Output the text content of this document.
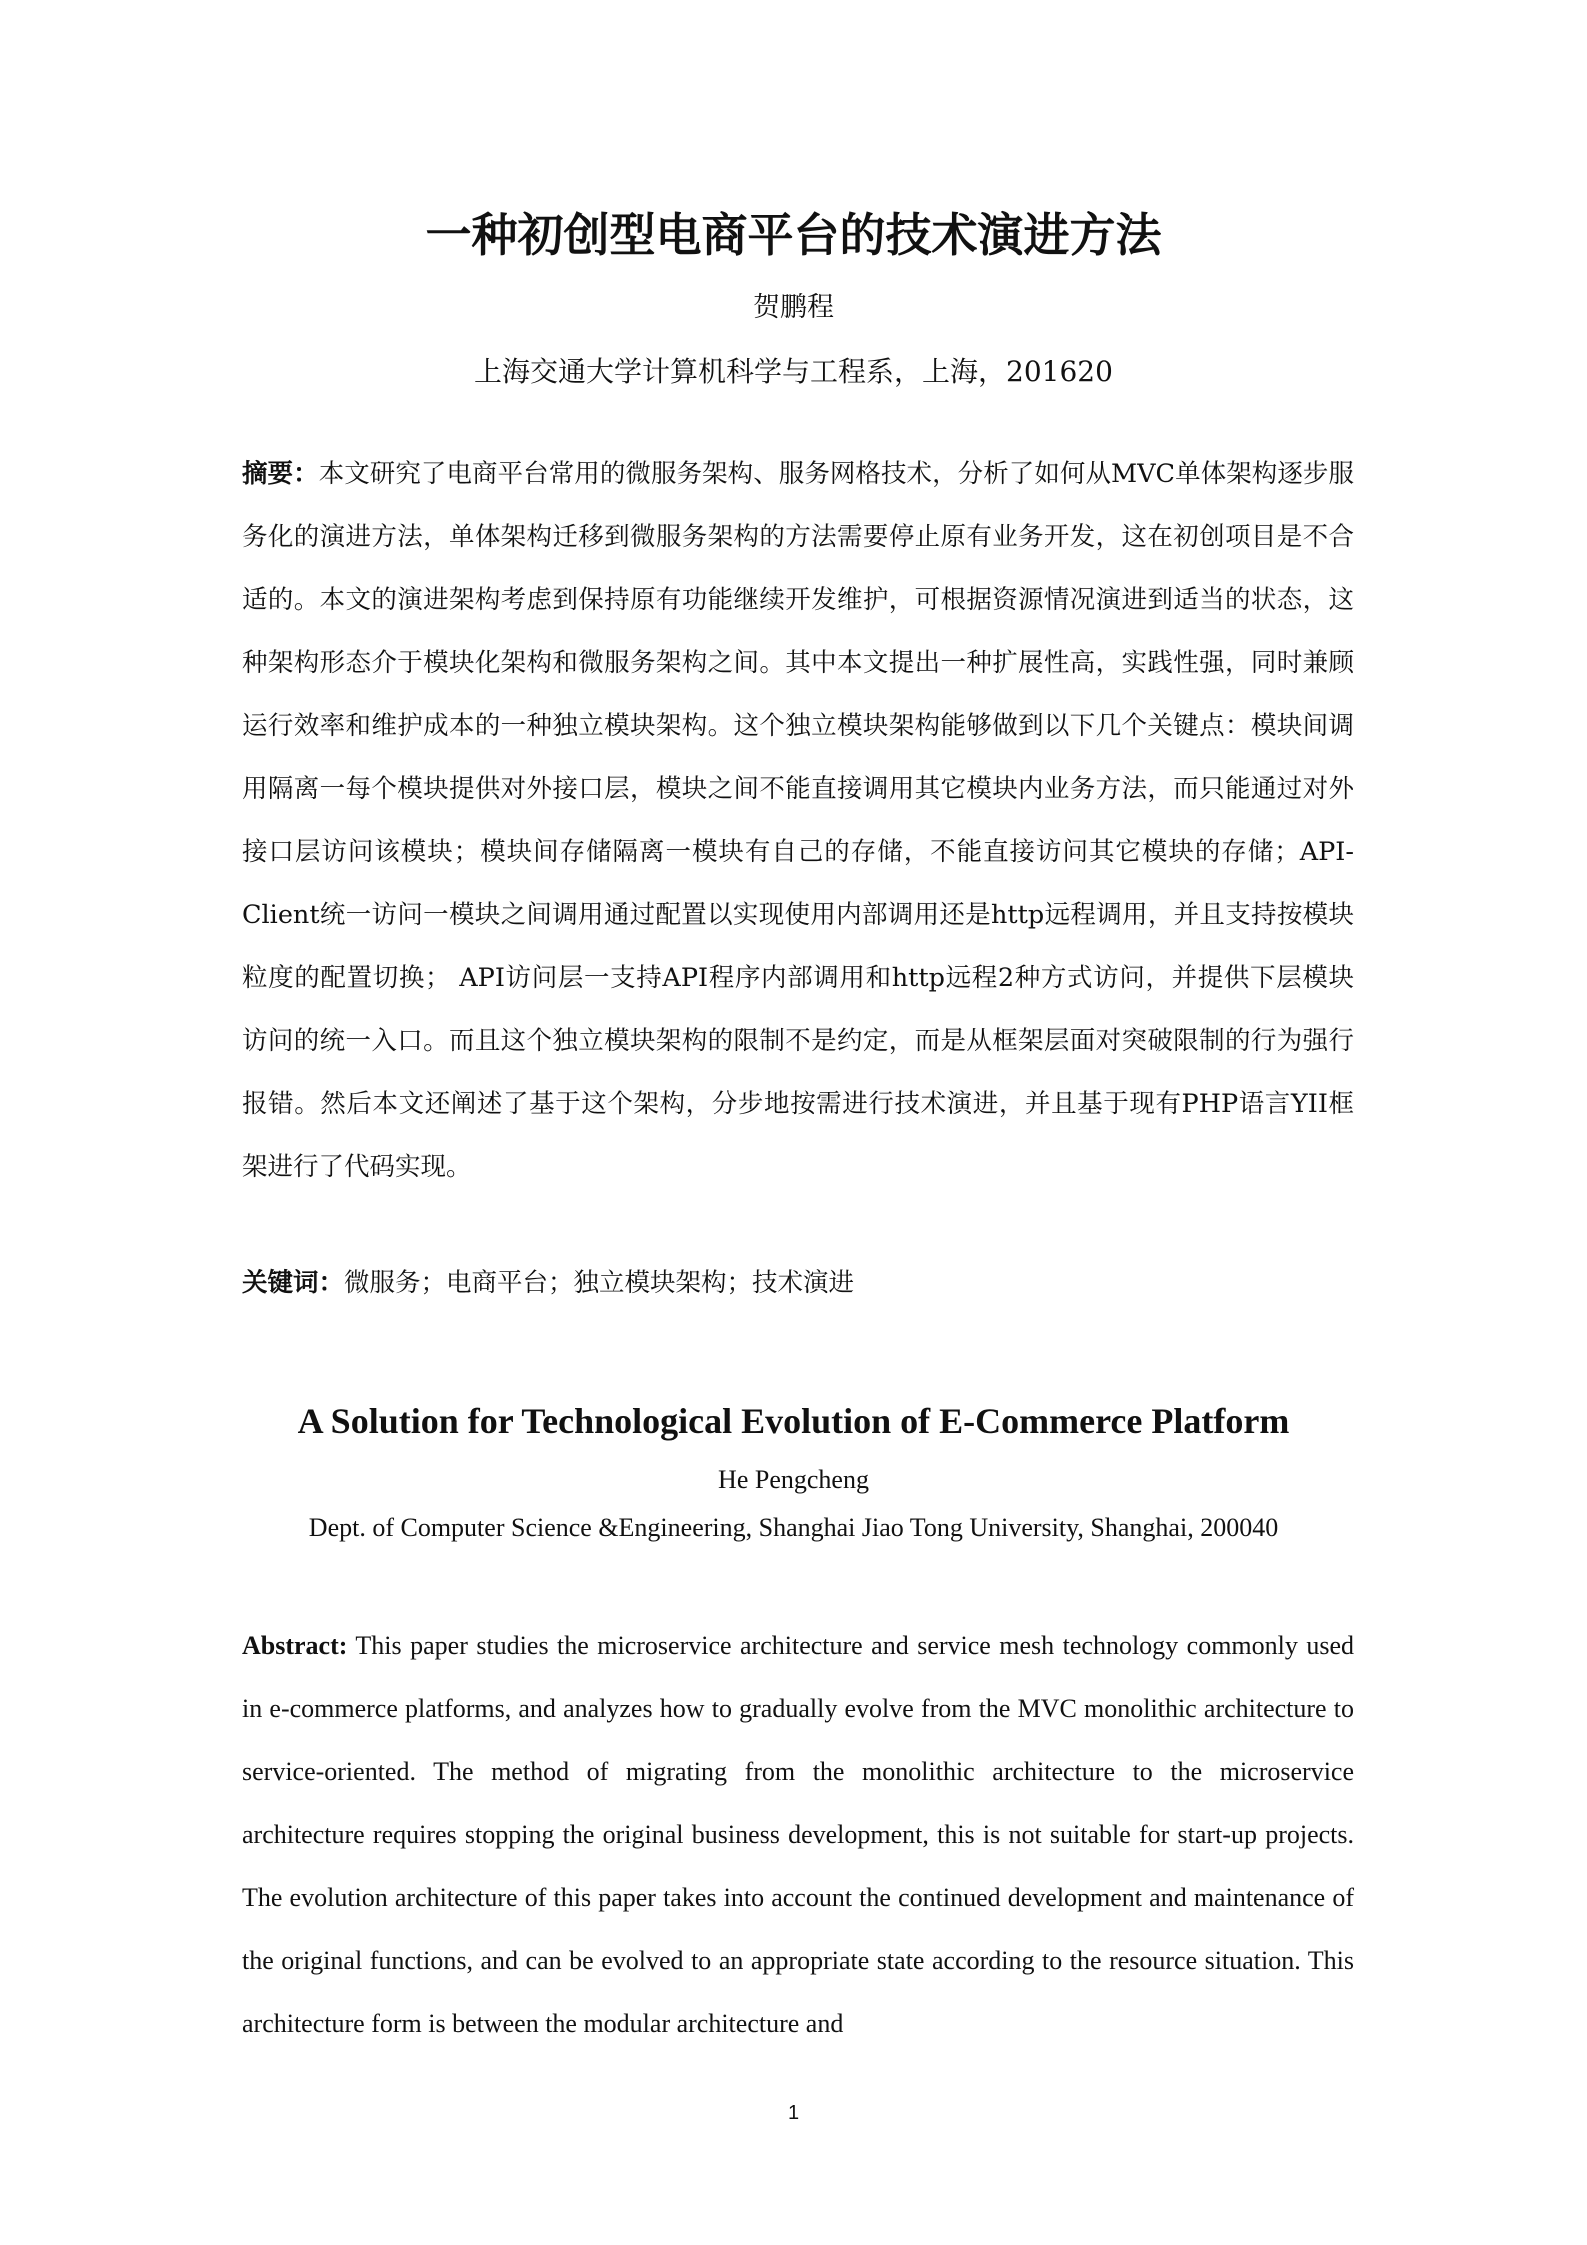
一种初创型电商平台的技术演进方法
贺鹏程
上海交通大学计算机科学与工程系，上海，201620
摘要：本文研究了电商平台常用的微服务架构、服务网格技术，分析了如何从MVC单体架构逐步服务化的演进方法，单体架构迁移到微服务架构的方法需要停止原有业务开发，这在初创项目是不合适的。本文的演进架构考虑到保持原有功能继续开发维护，可根据资源情况演进到适当的状态，这种架构形态介于模块化架构和微服务架构之间。其中本文提出一种扩展性高，实践性强，同时兼顾运行效率和维护成本的一种独立模块架构。这个独立模块架构能够做到以下几个关键点：模块间调用隔离一每个模块提供对外接口层，模块之间不能直接调用其它模块内业务方法，而只能通过对外接口层访问该模块；模块间存储隔离一模块有自己的存储，不能直接访问其它模块的存储；API-Client统一访问一模块之间调用通过配置以实现使用内部调用还是http远程调用，并且支持按模块粒度的配置切换； API访问层一支持API程序内部调用和http远程2种方式访问，并提供下层模块访问的统一入口。而且这个独立模块架构的限制不是约定，而是从框架层面对突破限制的行为强行报错。然后本文还阐述了基于这个架构，分步地按需进行技术演进，并且基于现有PHP语言YII框架进行了代码实现。
关键词：微服务；电商平台；独立模块架构；技术演进
A Solution for Technological Evolution of E-Commerce Platform
He Pengcheng
Dept. of Computer Science &Engineering, Shanghai Jiao Tong University, Shanghai, 200040
Abstract: This paper studies the microservice architecture and service mesh technology commonly used in e-commerce platforms, and analyzes how to gradually evolve from the MVC monolithic architecture to service-oriented. The method of migrating from the monolithic architecture to the microservice architecture requires stopping the original business development, this is not suitable for start-up projects. The evolution architecture of this paper takes into account the continued development and maintenance of the original functions, and can be evolved to an appropriate state according to the resource situation. This architecture form is between the modular architecture and
1
